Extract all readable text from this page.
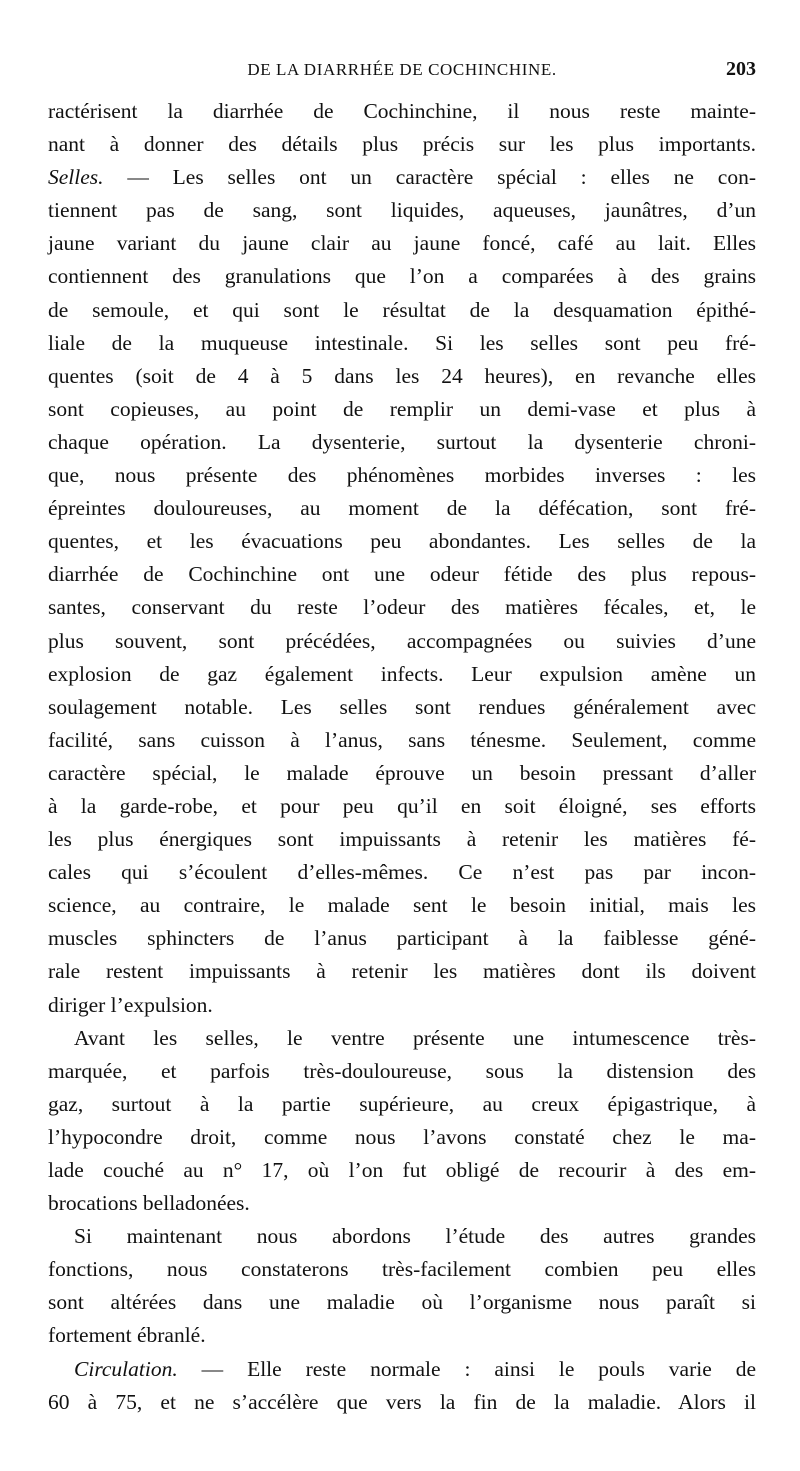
DE LA DIARRHÉE DE COCHINCHINE.	203
ractérisent la diarrhée de Cochinchine, il nous reste mainte-
nant à donner des détails plus précis sur les plus importants.
Selles. — Les selles ont un caractère spécial : elles ne con-
tiennent pas de sang, sont liquides, aqueuses, jaunâtres, d’un
jaune variant du jaune clair au jaune foncé, café au lait. Elles
contiennent des granulations que l’on a comparées à des grains
de semoule, et qui sont le résultat de la desquamation épithé-
liale de la muqueuse intestinale. Si les selles sont peu fré-
quentes (soit de 4 à 5 dans les 24 heures), en revanche elles
sont copieuses, au point de remplir un demi-vase et plus à
chaque opération. La dysenterie, surtout la dysenterie chroni-
que, nous présente des phénomènes morbides inverses : les
épreintes douloureuses, au moment de la défécation, sont fré-
quentes, et les évacuations peu abondantes. Les selles de la
diarrhée de Cochinchine ont une odeur fétide des plus repous-
santes, conservant du reste l’odeur des matières fécales, et, le
plus souvent, sont précédées, accompagnées ou suivies d’une
explosion de gaz également infects. Leur expulsion amène un
soulagement notable. Les selles sont rendues généralement avec
facilité, sans cuisson à l’anus, sans ténesme. Seulement, comme
caractère spécial, le malade éprouve un besoin pressant d’aller
à la garde-robe, et pour peu qu’il en soit éloigné, ses efforts
les plus énergiques sont impuissants à retenir les matières fé-
cales qui s’écoulent d’elles-mêmes. Ce n’est pas par incon-
science, au contraire, le malade sent le besoin initial, mais les
muscles sphincters de l’anus participant à la faiblesse géné-
rale restent impuissants à retenir les matières dont ils doivent
diriger l’expulsion.
Avant les selles, le ventre présente une intumescence très-
marquée, et parfois très-douloureuse, sous la distension des
gaz, surtout à la partie supérieure, au creux épigastrique, à
l’hypocondre droit, comme nous l’avons constaté chez le ma-
lade couché au n° 17, où l’on fut obligé de recourir à des em-
brocations belladonées.
Si maintenant nous abordons l’étude des autres grandes
fonctions, nous constaterons très-facilement combien peu elles
sont altérées dans une maladie où l’organisme nous paraît si
fortement ébranlé.
Circulation. — Elle reste normale : ainsi le pouls varie de
60 à 75, et ne s’accélère que vers la fin de la maladie. Alors il
